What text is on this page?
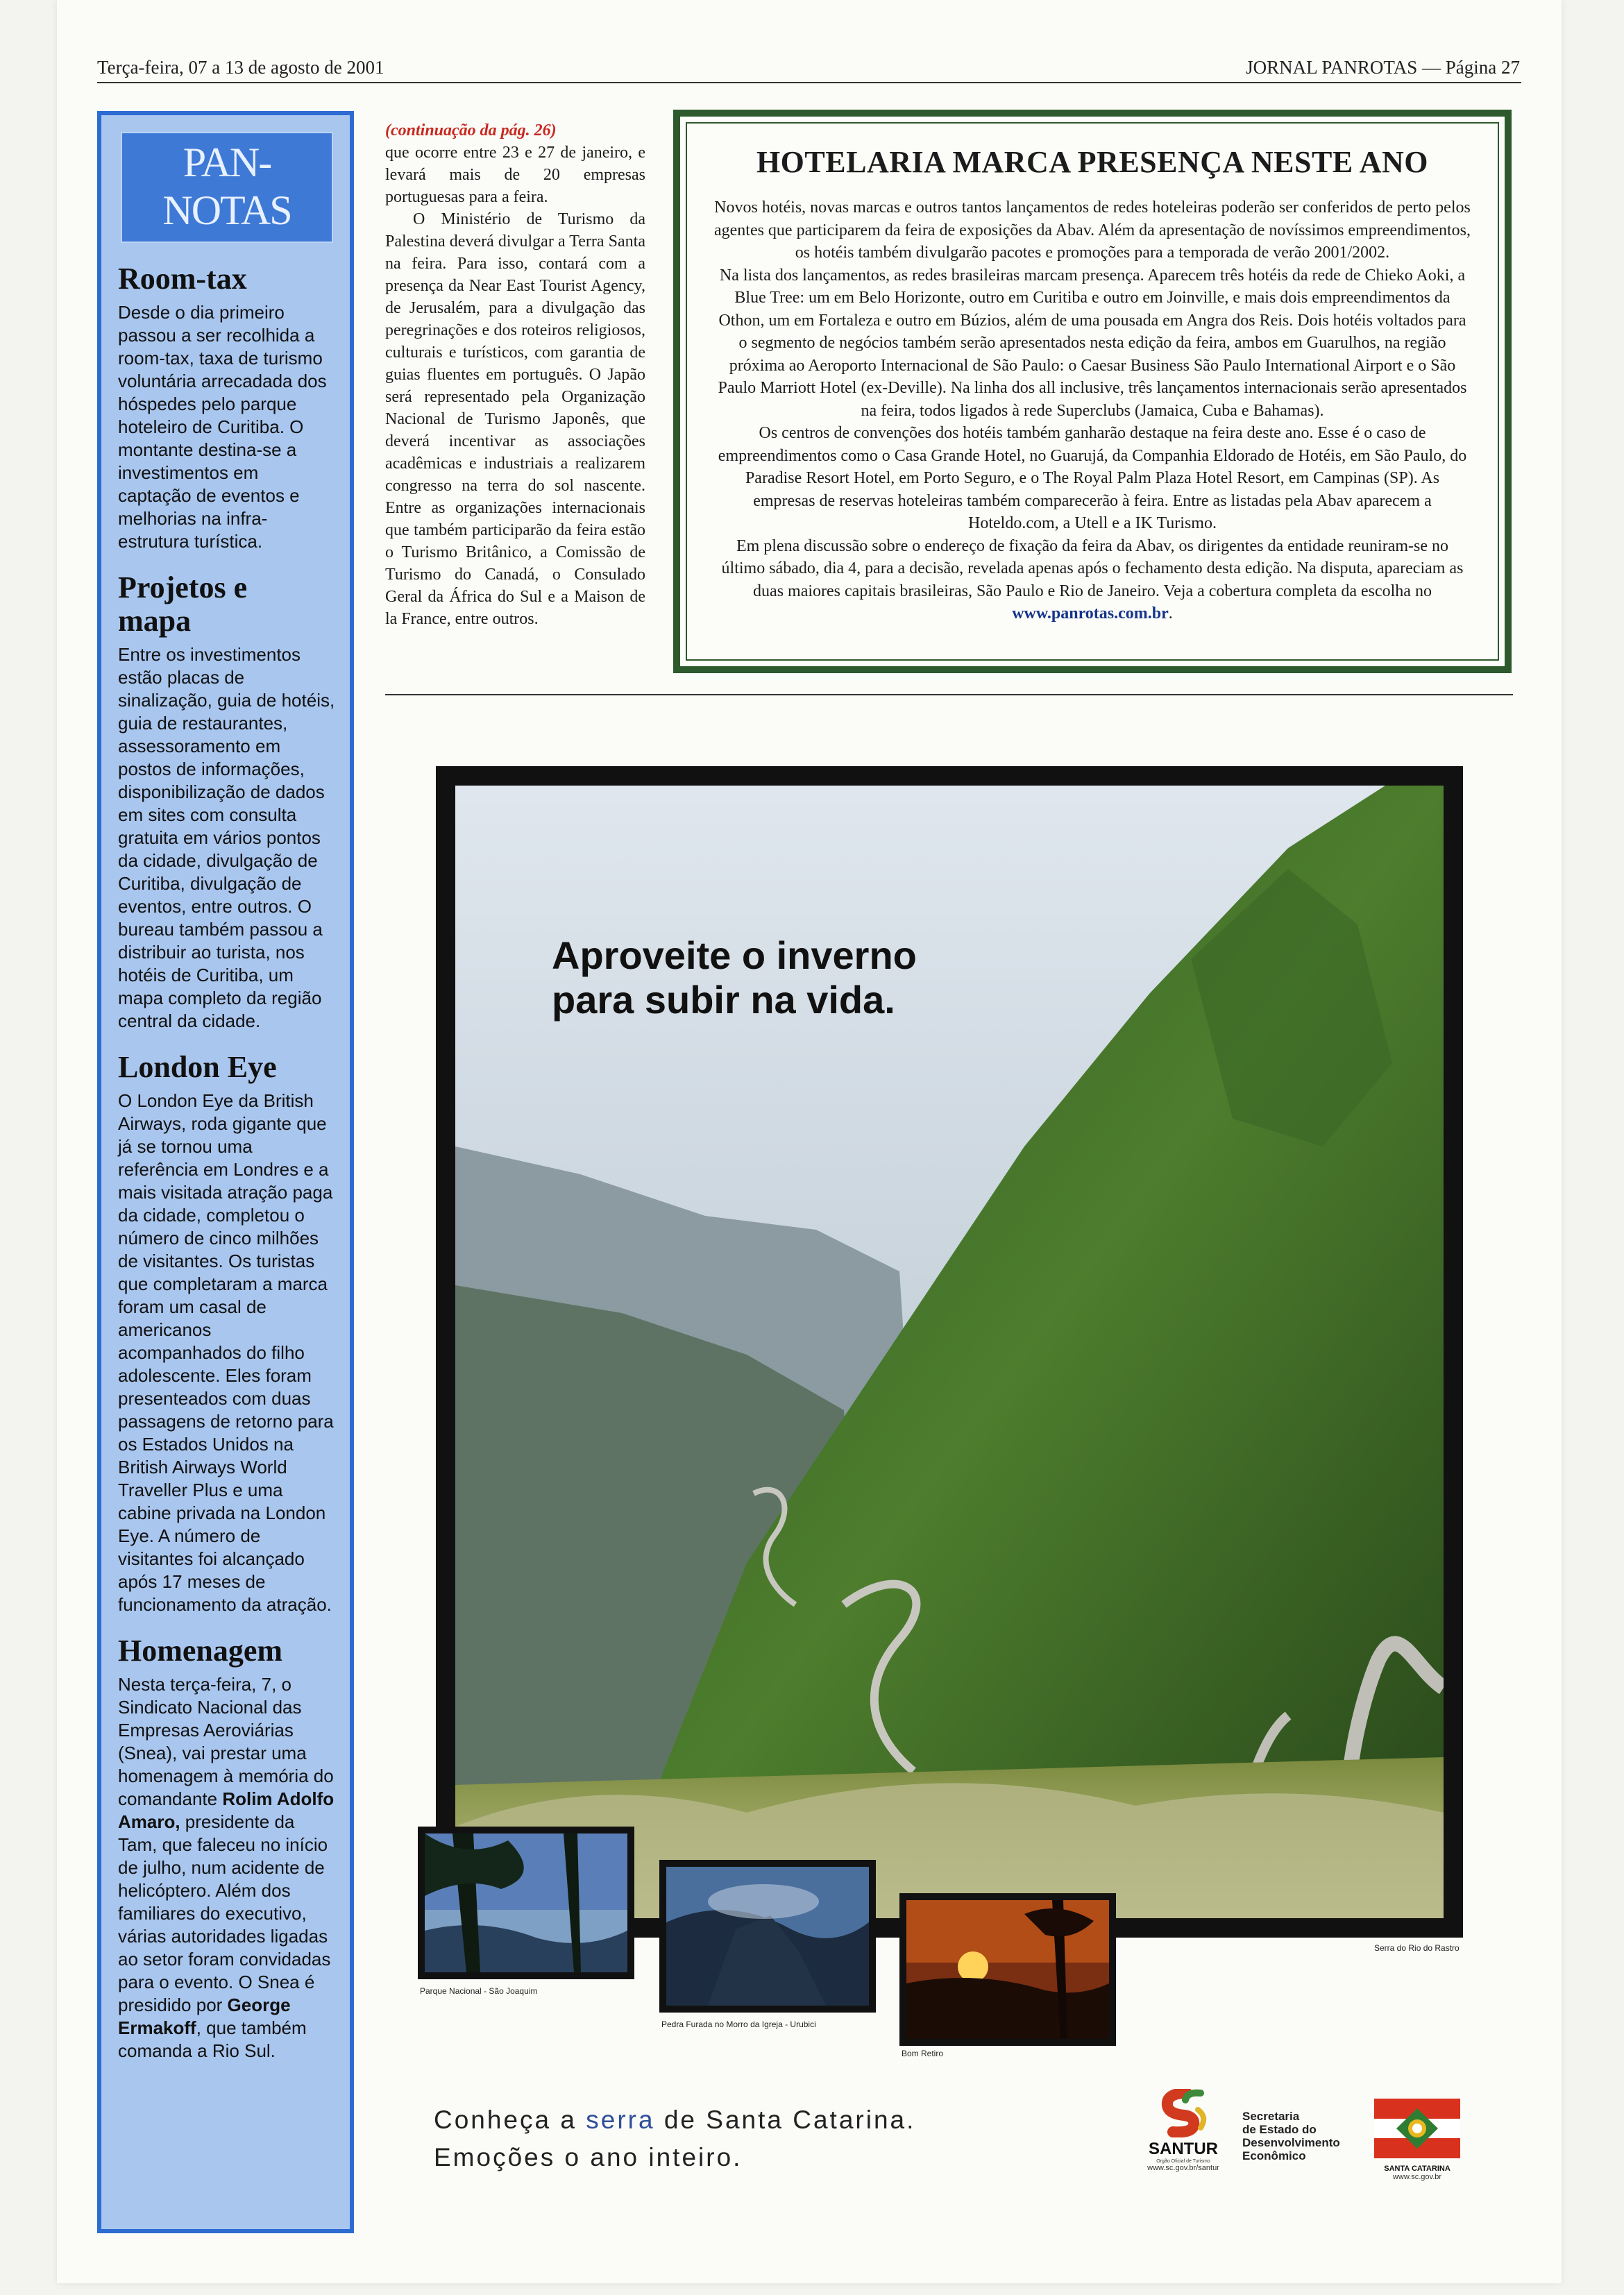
Terça-feira, 07 a 13 de agosto de 2001	JORNAL PANROTAS — Página 27
PAN-NOTAS
Room-tax
Desde o dia primeiro passou a ser recolhida a room-tax, taxa de turismo voluntária arrecadada dos hóspedes pelo parque hoteleiro de Curitiba. O montante destina-se a investimentos em captação de eventos e melhorias na infra-estrutura turística.
Projetos e mapa
Entre os investimentos estão placas de sinalização, guia de hotéis, guia de restaurantes, assessoramento em postos de informações, disponibilização de dados em sites com consulta gratuita em vários pontos da cidade, divulgação de Curitiba, divulgação de eventos, entre outros. O bureau também passou a distribuir ao turista, nos hotéis de Curitiba, um mapa completo da região central da cidade.
London Eye
O London Eye da British Airways, roda gigante que já se tornou uma referência em Londres e a mais visitada atração paga da cidade, completou o número de cinco milhões de visitantes. Os turistas que completaram a marca foram um casal de americanos acompanhados do filho adolescente. Eles foram presenteados com duas passagens de retorno para os Estados Unidos na British Airways World Traveller Plus e uma cabine privada na London Eye. A número de visitantes foi alcançado após 17 meses de funcionamento da atração.
Homenagem
Nesta terça-feira, 7, o Sindicato Nacional das Empresas Aeroviárias (Snea), vai prestar uma homenagem à memória do comandante Rolim Adolfo Amaro, presidente da Tam, que faleceu no início de julho, num acidente de helicóptero. Além dos familiares do executivo, várias autoridades ligadas ao setor foram convidadas para o evento. O Snea é presidido por George Ermakoff, que também comanda a Rio Sul.
(continuação da pág. 26)

que ocorre entre 23 e 27 de janeiro, e levará mais de 20 empresas portuguesas para a feira.

O Ministério de Turismo da Palestina deverá divulgar a Terra Santa na feira. Para isso, contará com a presença da Near East Tourist Agency, de Jerusalém, para a divulgação das peregrinações e dos roteiros religiosos, culturais e turísticos, com garantia de guias fluentes em português. O Japão será representado pela Organização Nacional de Turismo Japonês, que deverá incentivar as associações acadêmicas e industriais a realizarem congresso na terra do sol nascente. Entre as organizações internacionais que também participarão da feira estão o Turismo Britânico, a Comissão de Turismo do Canadá, o Consulado Geral da África do Sul e a Maison de la France, entre outros.

HOTELARIA MARCA PRESENÇA NESTE ANO
Novos hotéis, novas marcas e outros tantos lançamentos de redes hoteleiras poderão ser conferidos de perto pelos agentes que participarem da feira de exposições da Abav. Além da apresentação de novíssimos empreendimentos, os hotéis também divulgarão pacotes e promoções para a temporada de verão 2001/2002.
Na lista dos lançamentos, as redes brasileiras marcam presença. Aparecem três hotéis da rede de Chieko Aoki, a Blue Tree: um em Belo Horizonte, outro em Curitiba e outro em Joinville, e mais dois empreendimentos da Othon, um em Fortaleza e outro em Búzios, além de uma pousada em Angra dos Reis. Dois hotéis voltados para o segmento de negócios também serão apresentados nesta edição da feira, ambos em Guarulhos, na região próxima ao Aeroporto Internacional de São Paulo: o Caesar Business São Paulo International Airport e o São Paulo Marriott Hotel (ex-Deville). Na linha dos all inclusive, três lançamentos internacionais serão apresentados na feira, todos ligados à rede Superclubs (Jamaica, Cuba e Bahamas).
Os centros de convenções dos hotéis também ganharão destaque na feira deste ano. Esse é o caso de empreendimentos como o Casa Grande Hotel, no Guarujá, da Companhia Eldorado de Hotéis, em São Paulo, do Paradise Resort Hotel, em Porto Seguro, e o The Royal Palm Plaza Hotel Resort, em Campinas (SP). As empresas de reservas hoteleiras também comparecerão à feira. Entre as listadas pela Abav aparecem a Hoteldo.com, a Utell e a IK Turismo.
Em plena discussão sobre o endereço de fixação da feira da Abav, os dirigentes da entidade reuniram-se no último sábado, dia 4, para a decisão, revelada apenas após o fechamento desta edição. Na disputa, apareciam as duas maiores capitais brasileiras, São Paulo e Rio de Janeiro. Veja a cobertura completa da escolha no www.panrotas.com.br.
Aproveite o inverno
para subir na vida.
Serra do Rio do Rastro
Parque Nacional - São Joaquim
Pedra Furada no Morro da Igreja - Urubici
Bom Retiro
Conheça a serra de Santa Catarina.
Emoções o ano inteiro.	SANTUR
Órgão Oficial de Turismo
www.sc.gov.br/santur
Secretaria
de Estado do
Desenvolvimento
Econômico
SANTA CATARINA
www.sc.gov.br
